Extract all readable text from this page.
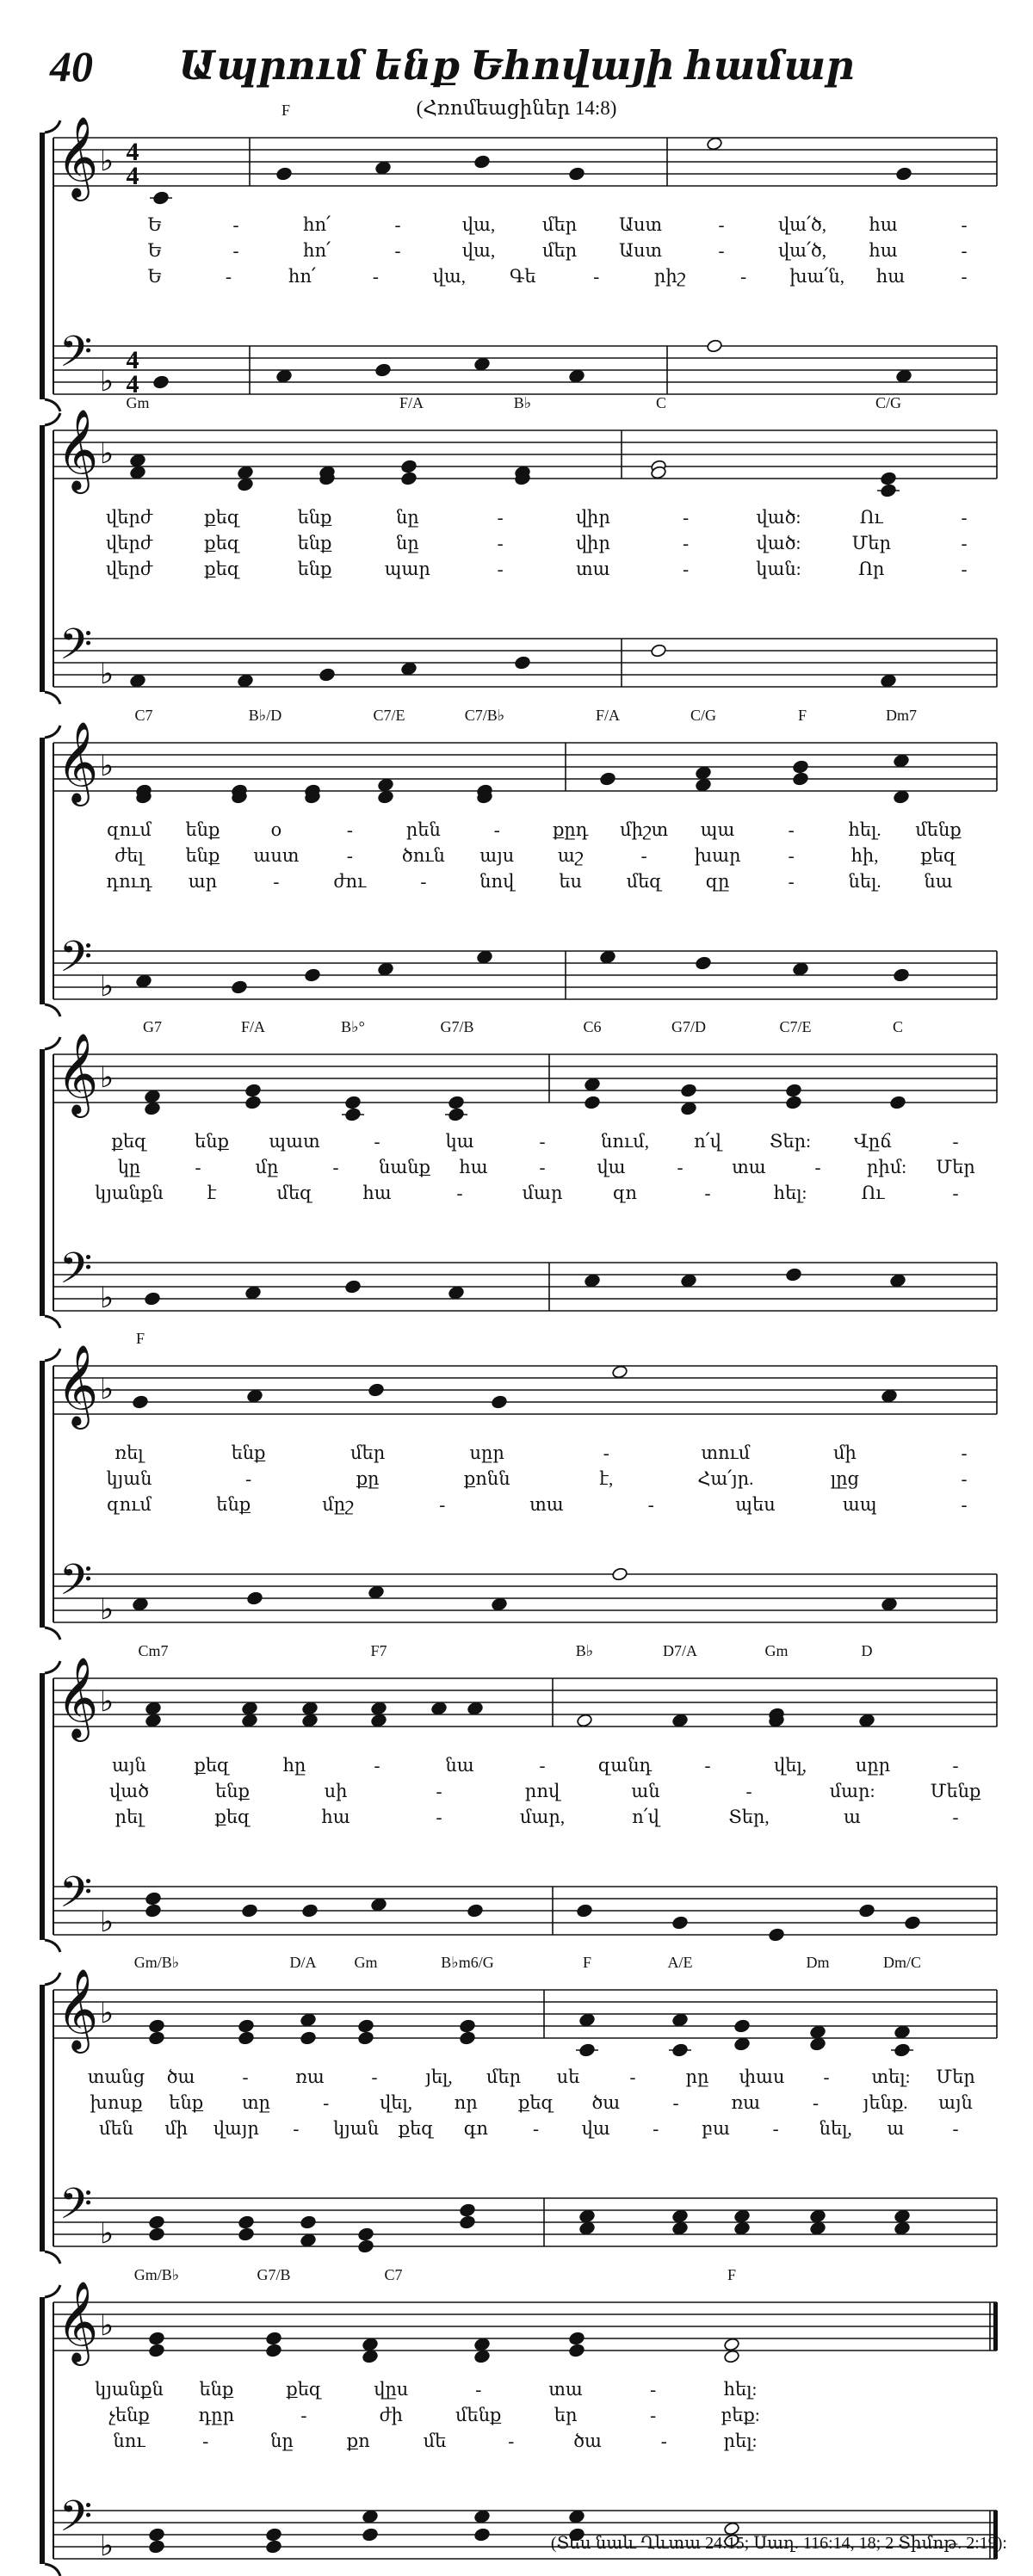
40	Ապրում ենք Եհովայի համար
(Հռոմեացիներ 14:8)
𝄞
𝄢
♭
♭
4
4
4
4
F
Ե	-	հո՛	-	վա,	մեր Աստ	-	վա՛ծ, հա	-
Ե	-	հո՛	-	վա,	մեր Աստ	-	վա՛ծ, հա	-
Ե	-	հո՛	-	վա, Գե	-	րիշ	- խա՛ն, հա	-
𝄞
𝄢
♭
♭
Gm	F/A	B♭	C	C/G
վերժ	քեզ	ենք	նը	-	վիր	-	ված:	Ու	-
վերժ	քեզ	ենք	նը	-	վիր	-	ված:	Մեր	-
վերժ	քեզ	ենք	պար	-	տա	-	կան:	Որ	-
𝄞
𝄢
♭
♭
C7	B♭/D	C7/E	C7/B♭	F/A	C/G	F	Dm7
զում ենք	օ	-	րեն	-	քըդ միշտ պա	-	հել. մենք
ժել ենք աստ	-	ծուն այս աշ	-	խար	-	հի, քեզ
դուդ ար	-	ժու	-	նով ես մեզ զը	-	նել. նա
𝄞
𝄢
♭
♭
G7	F/A	B♭°	G7/B	C6	G7/D	C7/E	C
քեզ	ենք պատ	-	կա	-	նում, ո՛վ	Տեր: Վըճ	-
կը	-	մը	- նանք հա	-	վա	-	տա	-	րիմ: Մեր
կյանքն է	մեզ	հա	-	մար	զո	-	հել:	Ու	-
𝄞
𝄢
♭
♭
F
ռել	ենք	մեր	սըր	-	տում	մի	-
կյան	-	քը	քոնն	է,	Հա՛յր.	լըց	-
զում	ենք	մըշ	-	տա	-	պես	ապ	-
𝄞
𝄢
♭
♭
Cm7	F7	B♭	D7/A	Gm	D
այն	քեզ	հը	-	նա	-	զանդ	-	վել,	սըր	-
ված	ենք	սի	-	րով	ան	-	մար:	Մենք
րել	քեզ	հա	-	մար,	ո՛վ	Տեր,	ա	-
𝄞
𝄢
♭
♭
Gm/B♭	D/A Gm	B♭m6/G	F	A/E	Dm	Dm/C
տանց ծա	-	ռա	-	յել, մեր սե	-	րը փաս - տել: Մեր
խոսք ենք տը	-	վել, որ քեզ ծա	-	ռա	- յենք. այն
մեն մի վայր - կյան քեզ գո - վա - բա - նել, ա	-
𝄞
𝄢
♭
♭
Gm/B♭	G7/B	C7	F
կյանքն ենք	քեզ	վըս	-	տա	-	հել:
չենք	դըր	-	ժի	մենք	եր	-	բեք:
նու	-	նը	քո	մե	-	ծա	-	րել:
(Տես նաև Ղևտա 24:15; Սաղ. 116:14, 18; 2 Տիմոթ. 2:19):
